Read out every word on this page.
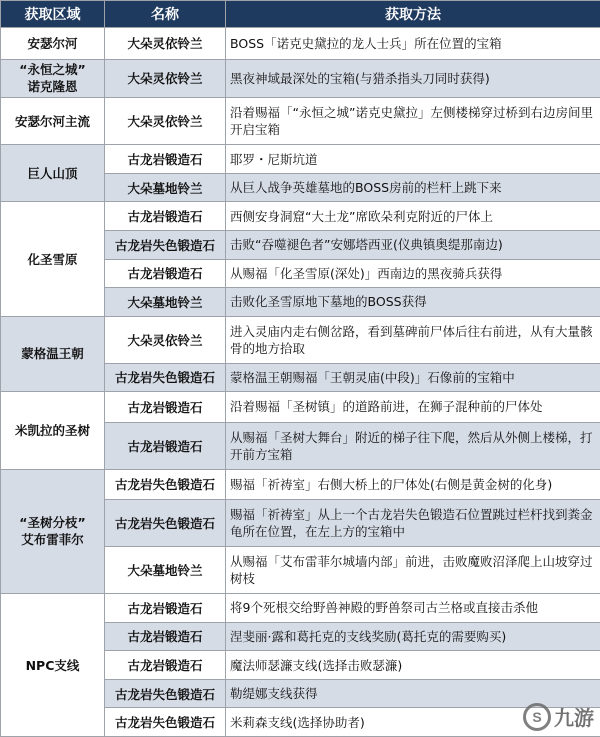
获取区域	名称	获取方法
安瑟尔河	大朵灵依铃兰	BOSS「诺克史黛拉的龙人士兵」所在位置的宝箱
“永恒之城”
诺克隆恩	大朵灵依铃兰	黑夜神域最深处的宝箱(与猎杀指头刀同时获得)
安瑟尔河主流	大朵灵依铃兰	沿着赐福「“永恒之城”诺克史黛拉」左侧楼梯穿过桥到右边房间里开启宝箱
巨人山顶	古龙岩锻造石	耶罗・尼斯坑道
	大朵墓地铃兰	从巨人战争英雄墓地的BOSS房前的栏杆上跳下来
化圣雪原	古龙岩锻造石	西侧安身洞窟“大土龙”席欧朵利克附近的尸体上
	古龙岩失色锻造石	击败“吞噬褪色者”安娜塔西亚(仪典镇奥缇那南边)
	古龙岩锻造石	从赐福「化圣雪原(深处)」西南边的黑夜骑兵获得
	大朵墓地铃兰	击败化圣雪原地下墓地的BOSS获得
蒙格温王朝	大朵灵依铃兰	进入灵庙内走右侧岔路，看到墓碑前尸体后往右前进，从有大量骸骨的地方拾取
	古龙岩失色锻造石	蒙格温王朝赐福「王朝灵庙(中段)」石像前的宝箱中
米凯拉的圣树	古龙岩锻造石	沿着赐福「圣树镇」的道路前进，在狮子混种前的尸体处
	古龙岩锻造石	从赐福「圣树大舞台」附近的梯子往下爬，然后从外侧上楼梯，打开前方宝箱
“圣树分枝”
艾布雷菲尔	古龙岩失色锻造石	赐福「祈祷室」右侧大桥上的尸体处(右侧是黄金树的化身)
	古龙岩失色锻造石	赐福「祈祷室」从上一个古龙岩失色锻造石位置跳过栏杆找到粪金龟所在位置，在左上方的宝箱中
	大朵墓地铃兰	从赐福「艾布雷菲尔城墙内部」前进，击败魔败沼泽爬上山坡穿过树枝
NPC支线	古龙岩锻造石	将9个死根交给野兽神殿的野兽祭司古兰格或直接击杀他
	古龙岩锻造石	涅斐丽·露和葛托克的支线奖励(葛托克的需要购买)
	古龙岩锻造石	魔法师瑟濂支线(选择击败瑟濂)
	古龙岩失色锻造石	勒缇娜支线获得
	古龙岩失色锻造石	米莉森支线(选择协助者)	S 九游
